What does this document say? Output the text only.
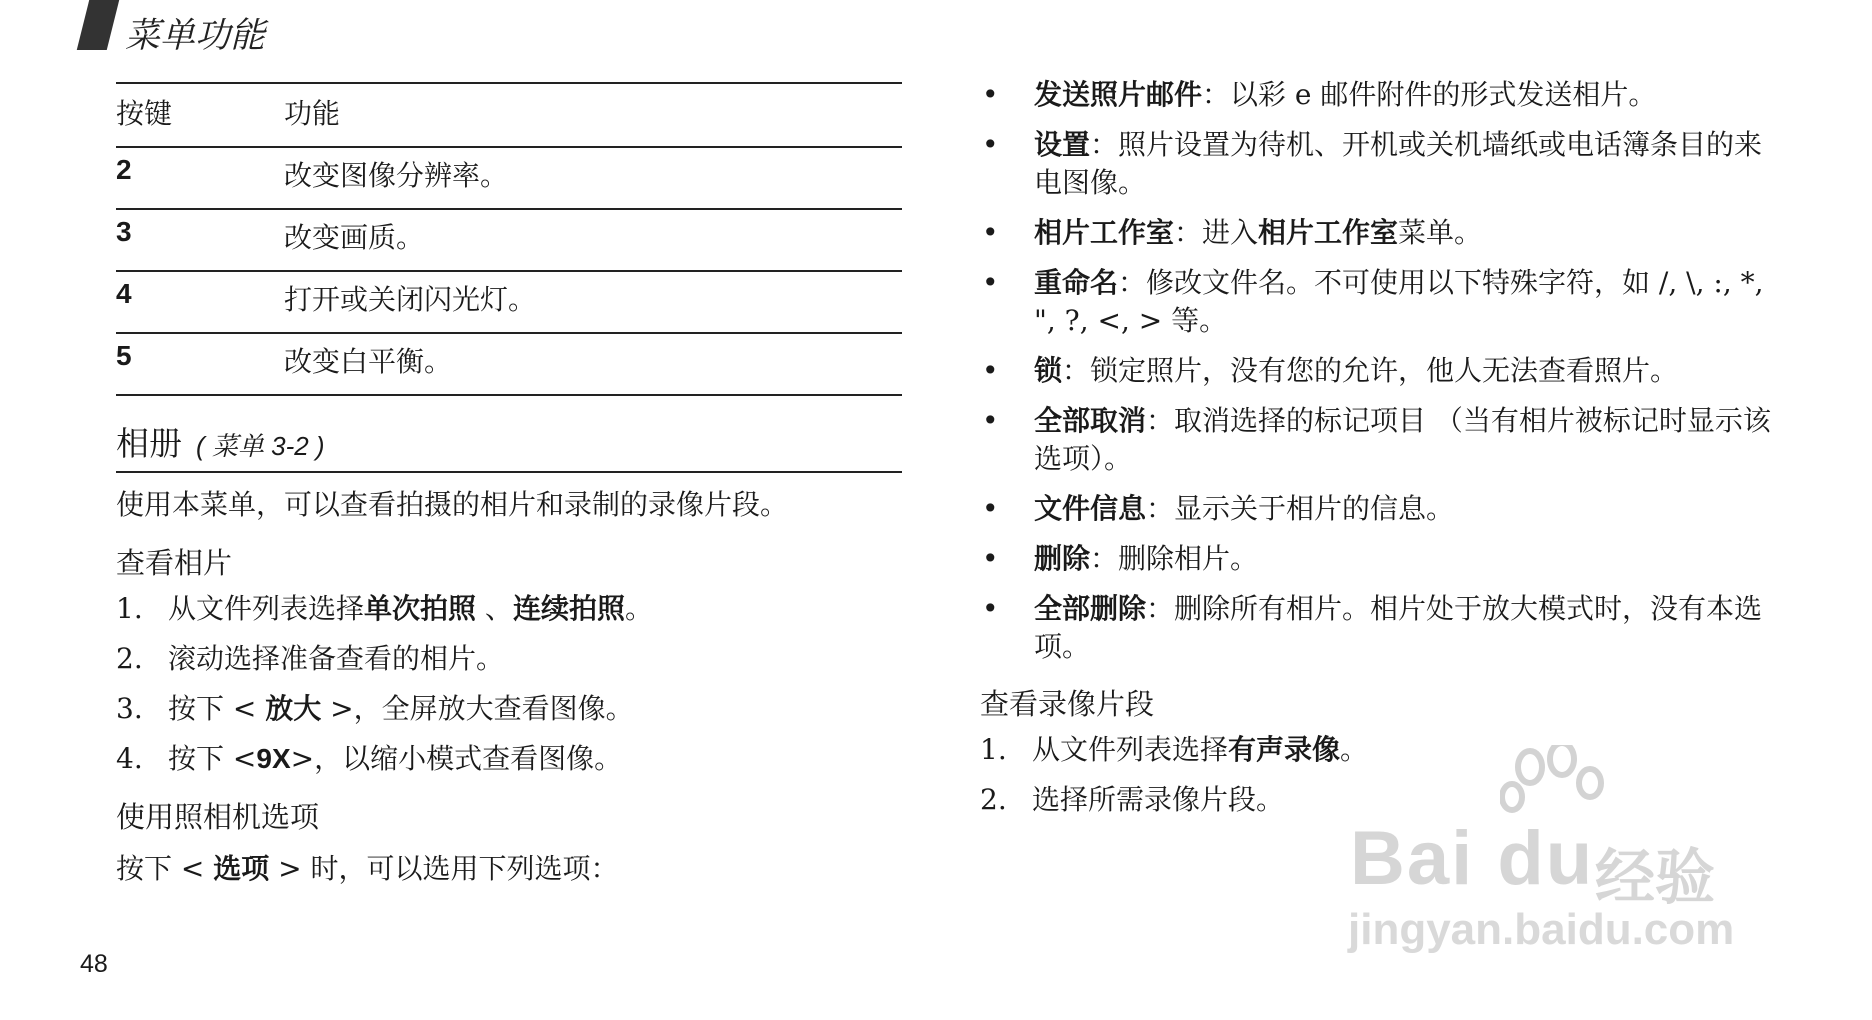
菜单功能
按键	功能
2	改变图像分辨率。
3	改变画质。
4	打开或关闭闪光灯。
5	改变白平衡。
相册 ( 菜单 3-2 )

使用本菜单，可以查看拍摄的相片和录制的录像片段。

查看相片
1. 从文件列表选择单次拍照 、连续拍照。
2. 滚动选择准备查看的相片。
3. 按下 < 放大 >，全屏放大查看图像。
4. 按下 <9X>，以缩小模式查看图像。
使用照相机选项

按下 < 选项 > 时，可以选用下列选项：

•	发送照片邮件：以彩 e 邮件附件的形式发送相片。
•	设置：照片设置为待机、开机或关机墙纸或电话簿条目的来电图像。
•	相片工作室：进入相片工作室菜单。
•	重命名：修改文件名。不可使用以下特殊字符，如 /, \, :, *, ", ?, <, > 等。
•	锁：锁定照片，没有您的允许，他人无法查看照片。
•	全部取消：取消选择的标记项目 （当有相片被标记时显示该选项）。
•	文件信息：显示关于相片的信息。
•	删除：删除相片。
•	全部删除：删除所有相片。相片处于放大模式时，没有本选项。
查看录像片段
1. 从文件列表选择有声录像。
2. 选择所需录像片段。
48
Bai du 经验
jingyan.baidu.com
